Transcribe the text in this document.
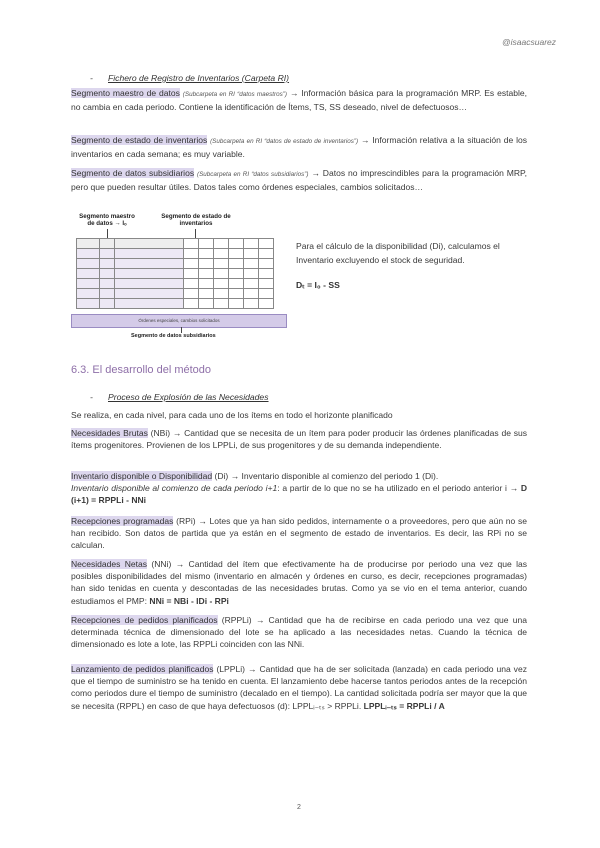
@isaacsuarez
- Fichero de Registro de Inventarios (Carpeta RI)
Segmento maestro de datos (Subcarpeta en RI “datos maestros”) → Información básica para la programación MRP. Es estable, no cambia en cada periodo. Contiene la identificación de Ítems, TS, SS deseado, nivel de defectuosos…
Segmento de estado de inventarios (Subcarpeta en RI “datos de estado de inventarios”) → Información relativa a la situación de los inventarios en cada semana; es muy variable.
Segmento de datos subsidiarios (Subcarpeta en RI “datos subsidiarios”) → Datos no imprescindibles para la programación MRP, pero que pueden resultar útiles. Datos tales como órdenes especiales, cambios solicitados…
Segmento maestro de datos → Iₒ
Segmento de estado de inventarios

Órdenes especiales, cambios solicitados
Segmento de datos subsidiarios
Para el cálculo de la disponibilidad (Di), calculamos el Inventario excluyendo el stock de seguridad.
Dₜ = I₀ - SS
6.3. El desarrollo del método
- Proceso de Explosión de las Necesidades
Se realiza, en cada nivel, para cada uno de los ítems en todo el horizonte planificado
Necesidades Brutas (NBi) → Cantidad que se necesita de un ítem para poder producir las órdenes planificadas de sus ítems progenitores. Provienen de los LPPLi, de sus progenitores y de su demanda independiente.
Inventario disponible o Disponibilidad (Di) → Inventario disponible al comienzo del periodo 1 (Di).
Inventario disponible al comienzo de cada periodo i+1: a partir de lo que no se ha utilizado en el periodo anterior i → D (i+1) = RPPLi - NNi
Recepciones programadas (RPi) → Lotes que ya han sido pedidos, internamente o a proveedores, pero que aún no se han recibido. Son datos de partida que ya están en el segmento de estado de inventarios. Es decir, las RPi no se calculan.
Necesidades Netas (NNi) → Cantidad del ítem que efectivamente ha de producirse por periodo una vez que las posibles disponibilidades del mismo (inventario en almacén y órdenes en curso, es decir, recepciones programadas) han sido tenidas en cuenta y descontadas de las necesidades brutas. Como ya se vio en el tema anterior, cuando estudiamos el PMP: NNi = NBi - IDi - RPi
Recepciones de pedidos planificados (RPPLi) → Cantidad que ha de recibirse en cada periodo una vez que una determinada técnica de dimensionado del lote se ha aplicado a las necesidades netas. Cuando la técnica de dimensionado es lote a lote, las RPPLi coinciden con las NNi.
Lanzamiento de pedidos planificados (LPPLi) → Cantidad que ha de ser solicitada (lanzada) en cada periodo una vez que el tiempo de suministro se ha tenido en cuenta. El lanzamiento debe hacerse tantos periodos antes de la recepción como periodos dure el tiempo de suministro (decalado en el tiempo). La cantidad solicitada podría ser mayor que la que se necesita (RPPL) en caso de que haya defectuosos (d): LPPLᵢ₋ₜₛ > RPPLi. LPPLᵢ₋ₜₛ = RPPLi / A
2
